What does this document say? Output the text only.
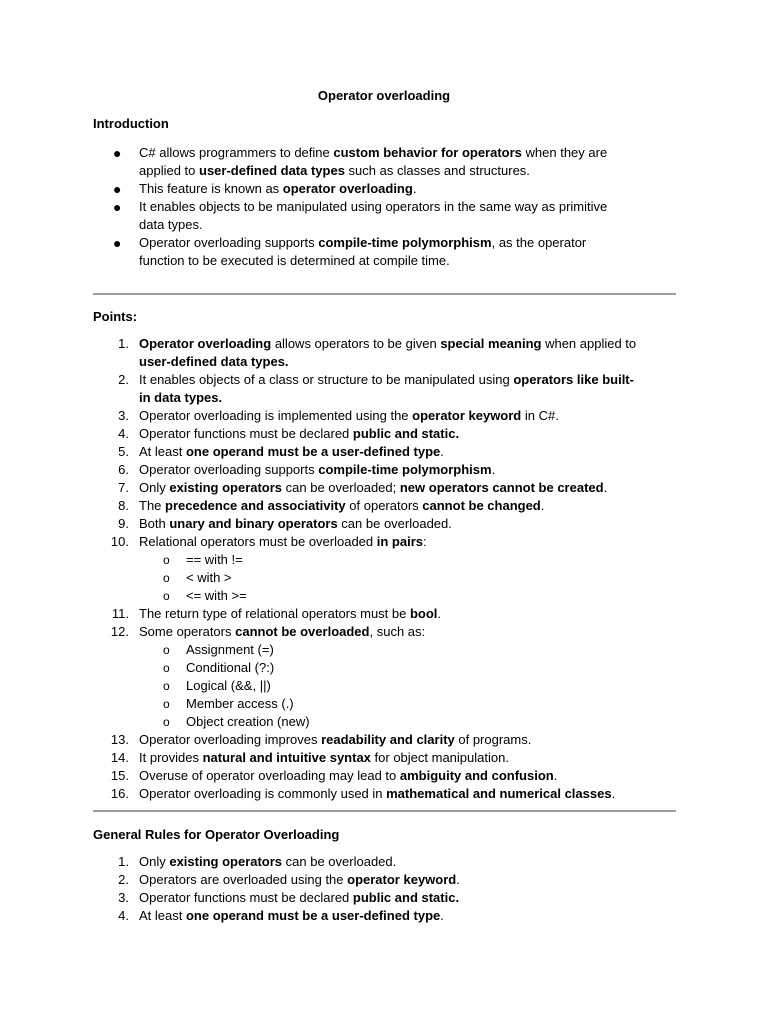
Operator overloading
Introduction
● C# allows programmers to define custom behavior for operators when they are
applied to user-defined data types such as classes and structures.
● This feature is known as operator overloading.
● It enables objects to be manipulated using operators in the same way as primitive
data types.
● Operator overloading supports compile-time polymorphism, as the operator
function to be executed is determined at compile time.
Points:
1. Operator overloading allows operators to be given special meaning when applied to
user-defined data types.
2. It enables objects of a class or structure to be manipulated using operators like built-
in data types.
3. Operator overloading is implemented using the operator keyword in C#.
4. Operator functions must be declared public and static.
5. At least one operand must be a user-defined type.
6. Operator overloading supports compile-time polymorphism.
7. Only existing operators can be overloaded; new operators cannot be created.
8. The precedence and associativity of operators cannot be changed.
9. Both unary and binary operators can be overloaded.
10. Relational operators must be overloaded in pairs:
o == with !=
o < with >
o <= with >=
11. The return type of relational operators must be bool.
12. Some operators cannot be overloaded, such as:
o Assignment (=)
o Conditional (?:)
o Logical (&&, ||)
o Member access (.)
o Object creation (new)
13. Operator overloading improves readability and clarity of programs.
14. It provides natural and intuitive syntax for object manipulation.
15. Overuse of operator overloading may lead to ambiguity and confusion.
16. Operator overloading is commonly used in mathematical and numerical classes.
General Rules for Operator Overloading
1. Only existing operators can be overloaded.
2. Operators are overloaded using the operator keyword.
3. Operator functions must be declared public and static.
4. At least one operand must be a user-defined type.
